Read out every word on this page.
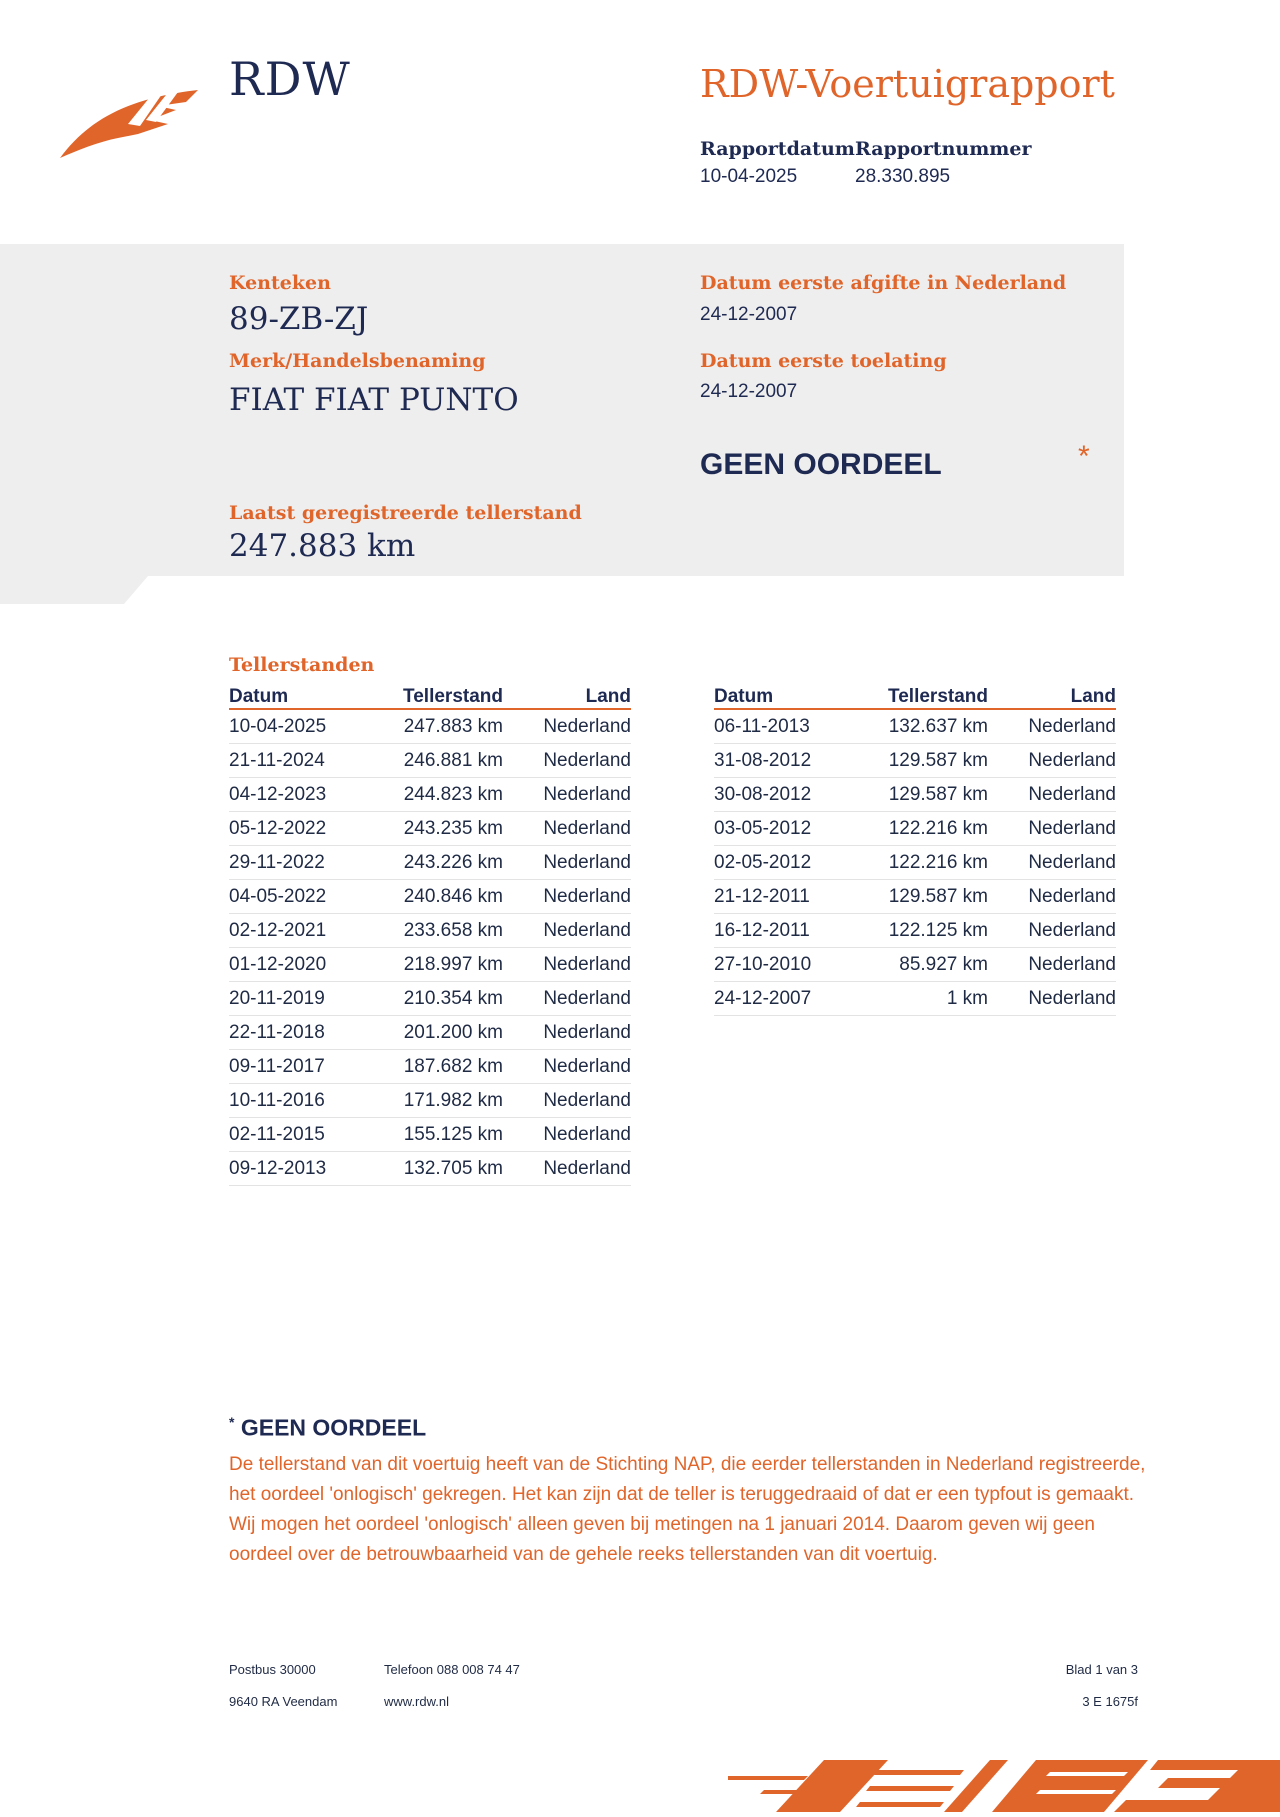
RDW	RDW-Voertuigrapport
Rapportdatum
10-04-2025
Rapportnummer
28.330.895
Kenteken
89-ZB-ZJ
Merk/Handelsbenaming
FIAT FIAT PUNTO
Laatst geregistreerde tellerstand
247.883 km
Datum eerste afgifte in Nederland
24-12-2007
Datum eerste toelating
24-12-2007
GEEN OORDEEL	*
Tellerstanden
Datum	Tellerstand	Land
10-04-2025	247.883 km	Nederland
21-11-2024	246.881 km	Nederland
04-12-2023	244.823 km	Nederland
05-12-2022	243.235 km	Nederland
29-11-2022	243.226 km	Nederland
04-05-2022	240.846 km	Nederland
02-12-2021	233.658 km	Nederland
01-12-2020	218.997 km	Nederland
20-11-2019	210.354 km	Nederland
22-11-2018	201.200 km	Nederland
09-11-2017	187.682 km	Nederland
10-11-2016	171.982 km	Nederland
02-11-2015	155.125 km	Nederland
09-12-2013	132.705 km	Nederland
Datum	Tellerstand	Land
06-11-2013	132.637 km	Nederland
31-08-2012	129.587 km	Nederland
30-08-2012	129.587 km	Nederland
03-05-2012	122.216 km	Nederland
02-05-2012	122.216 km	Nederland
21-12-2011	129.587 km	Nederland
16-12-2011	122.125 km	Nederland
27-10-2010	85.927 km	Nederland
24-12-2007	1 km	Nederland
* GEEN OORDEEL
De tellerstand van dit voertuig heeft van de Stichting NAP, die eerder tellerstanden in Nederland registreerde, het oordeel 'onlogisch' gekregen. Het kan zijn dat de teller is teruggedraaid of dat er een typfout is gemaakt. Wij mogen het oordeel 'onlogisch' alleen geven bij metingen na 1 januari 2014. Daarom geven wij geen oordeel over de betrouwbaarheid van de gehele reeks tellerstanden van dit voertuig.
Postbus 30000
9640 RA Veendam
Telefoon 088 008 74 47
www.rdw.nl
Blad 1 van 3
3 E 1675f
